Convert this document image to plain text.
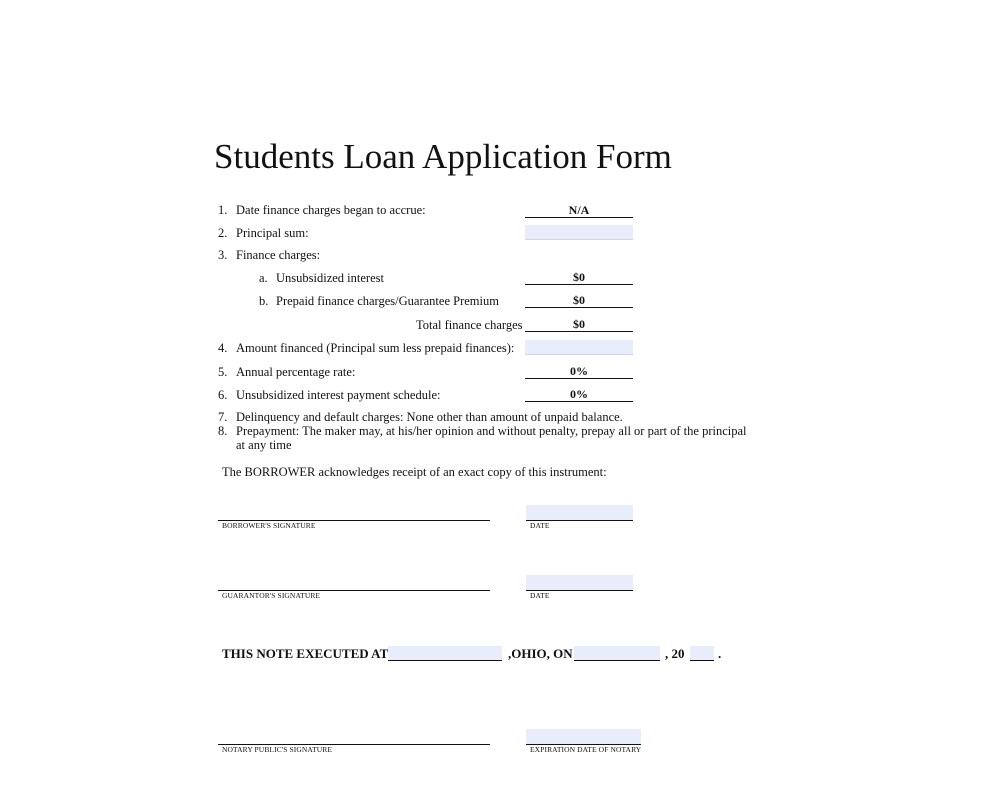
Students Loan Application Form
1. Date finance charges began to accrue:	N/A
2. Principal sum:
3. Finance charges:
a. Unsubsidized interest	$0
b. Prepaid finance charges/Guarantee Premium	$0
Total finance charges	$0
4. Amount financed (Principal sum less prepaid finances):
5. Annual percentage rate:	0%
6. Unsubsidized interest payment schedule:	0%
7. Delinquency and default charges: None other than amount of unpaid balance.
8. Prepayment: The maker may, at his/her opinion and without penalty, prepay all or part of the principal
at any time
The BORROWER acknowledges receipt of an exact copy of this instrument:
BORROWER'S SIGNATURE	DATE
GUARANTOR'S SIGNATURE	DATE
THIS NOTE EXECUTED AT	,OHIO, ON	, 20	.
NOTARY PUBLIC'S SIGNATURE	EXPIRATION DATE OF NOTARY
